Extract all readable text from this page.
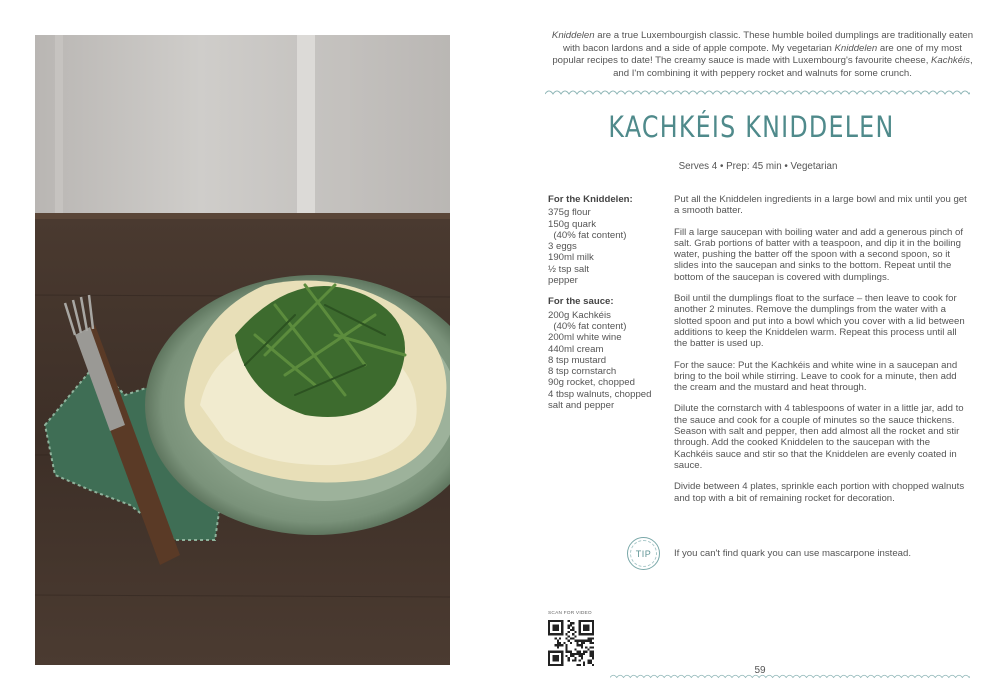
Kniddelen are a true Luxembourgish classic. These humble boiled dumplings are traditionally eaten with bacon lardons and a side of apple compote. My vegetarian Kniddelen are one of my most popular recipes to date! The creamy sauce is made with Luxembourg's favourite cheese, Kachkéis, and I'm combining it with peppery rocket and walnuts for some crunch.
KACHKÉIS KNIDDELEN
Serves 4 • Prep: 45 min • Vegetarian
For the Kniddelen:
375g flour
150g quark
(40% fat content)
3 eggs
190ml milk
½ tsp salt
pepper
For the sauce:
200g Kachkéis
(40% fat content)
200ml white wine
440ml cream
8 tsp mustard
8 tsp cornstarch
90g rocket, chopped
4 tbsp walnuts, chopped
salt and pepper

Put all the Kniddelen ingredients in a large bowl and mix until you get a smooth batter.

Fill a large saucepan with boiling water and add a generous pinch of salt. Grab portions of batter with a teaspoon, and dip it in the boiling water, pushing the batter off the spoon with a second spoon, so it slides into the saucepan and sinks to the bottom. Repeat until the bottom of the saucepan is covered with dumplings.

Boil until the dumplings float to the surface – then leave to cook for another 2 minutes. Remove the dumplings from the water with a slotted spoon and put into a bowl which you cover with a lid between additions to keep the Kniddelen warm. Repeat this process until all the batter is used up.

For the sauce: Put the Kachkéis and white wine in a saucepan and bring to the boil while stirring. Leave to cook for a minute, then add the cream and the mustard and heat through.

Dilute the cornstarch with 4 tablespoons of water in a little jar, add to the sauce and cook for a couple of minutes so the sauce thickens. Season with salt and pepper, then add almost all the rocket and stir through. Add the cooked Kniddelen to the saucepan with the Kachkéis sauce and stir so that the Kniddelen are evenly coated in sauce.

Divide between 4 plates, sprinkle each portion with chopped walnuts and top with a bit of remaining rocket for decoration.

TIP If you can't find quark you can use mascarpone instead.
SCAN FOR VIDEO
59
